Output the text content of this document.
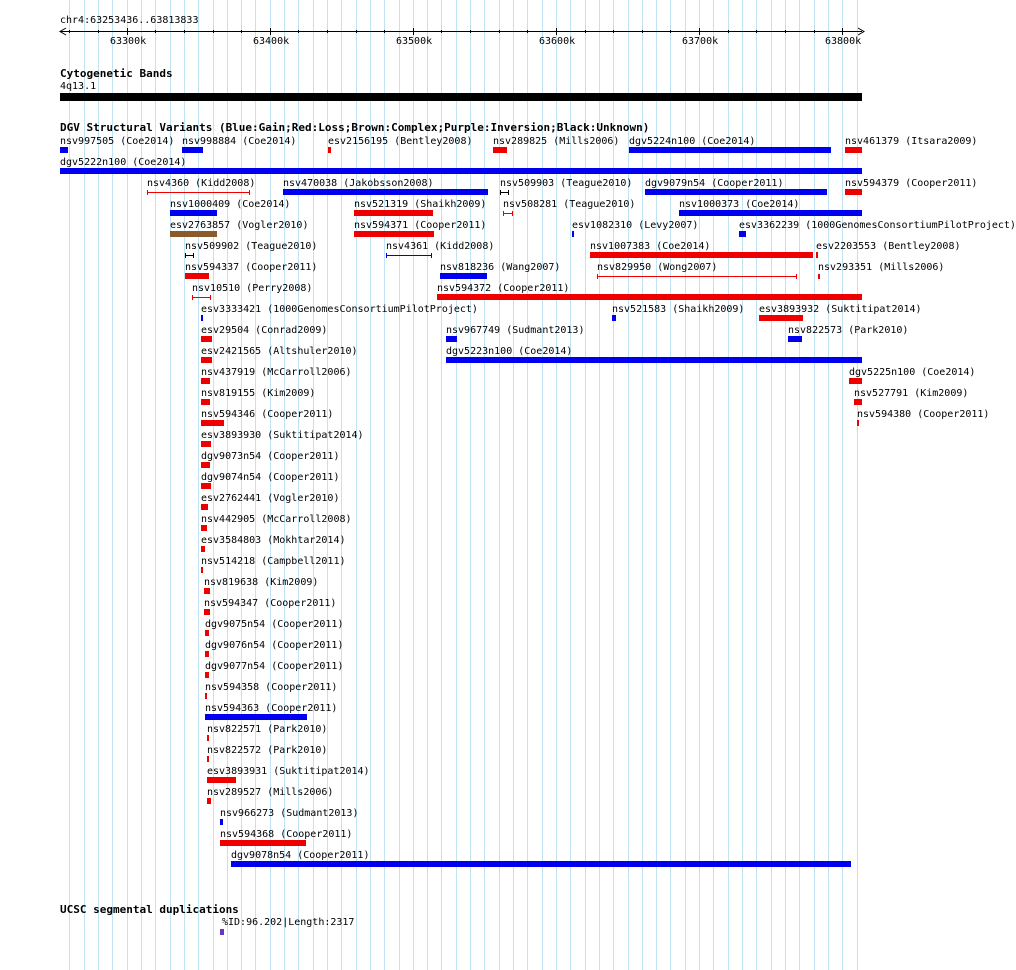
chr4:63253436..63813833
63300k	63400k	63500k	63600k	63700k	63800k
Cytogenetic Bands
4q13.1
DGV Structural Variants (Blue:Gain;Red:Loss;Brown:Complex;Purple:Inversion;Black:Unknown)
nsv997505 (Coe2014) nsv998884 (Coe2014)	esv2156195 (Bentley2008) nsv289825 (Mills2006) dgv5224n100 (Coe2014)	nsv461379 (Itsara2009)
dgv5222n100 (Coe2014)
nsv4360 (Kidd2008)	nsv470038 (Jakobsson2008)	nsv509903 (Teague2010) dgv9079n54 (Cooper2011)	nsv594379 (Cooper2011)
nsv1000409 (Coe2014)	nsv521319 (Shaikh2009) nsv508281 (Teague2010)	nsv1000373 (Coe2014)
esv2763857 (Vogler2010)	nsv594371 (Cooper2011)	esv1082310 (Levy2007)	esv3362239 (1000GenomesConsortiumPilotProject)
nsv509902 (Teague2010)	nsv4361 (Kidd2008)	nsv1007383 (Coe2014)	esv2203553 (Bentley2008)
nsv594337 (Cooper2011)	nsv818236 (Wang2007)	nsv829950 (Wong2007)	nsv293351 (Mills2006)
nsv10510 (Perry2008)	nsv594372 (Cooper2011)
esv3333421 (1000GenomesConsortiumPilotProject)	nsv521583 (Shaikh2009) esv3893932 (Suktitipat2014)
esv29504 (Conrad2009)	nsv967749 (Sudmant2013)	nsv822573 (Park2010)
esv2421565 (Altshuler2010)	dgv5223n100 (Coe2014)
nsv437919 (McCarroll2006)	dgv5225n100 (Coe2014)
nsv819155 (Kim2009)	nsv527791 (Kim2009)
nsv594346 (Cooper2011)	nsv594380 (Cooper2011)
esv3893930 (Suktitipat2014)
dgv9073n54 (Cooper2011)
dgv9074n54 (Cooper2011)
esv2762441 (Vogler2010)
nsv442905 (McCarroll2008)
esv3584803 (Mokhtar2014)
nsv514218 (Campbell2011)
nsv819638 (Kim2009)
nsv594347 (Cooper2011)
dgv9075n54 (Cooper2011)
dgv9076n54 (Cooper2011)
dgv9077n54 (Cooper2011)
nsv594358 (Cooper2011)
nsv594363 (Cooper2011)
nsv822571 (Park2010)
nsv822572 (Park2010)
esv3893931 (Suktitipat2014)
nsv289527 (Mills2006)
nsv966273 (Sudmant2013)
nsv594368 (Cooper2011)
dgv9078n54 (Cooper2011)
UCSC segmental duplications
%ID:96.202|Length:2317
